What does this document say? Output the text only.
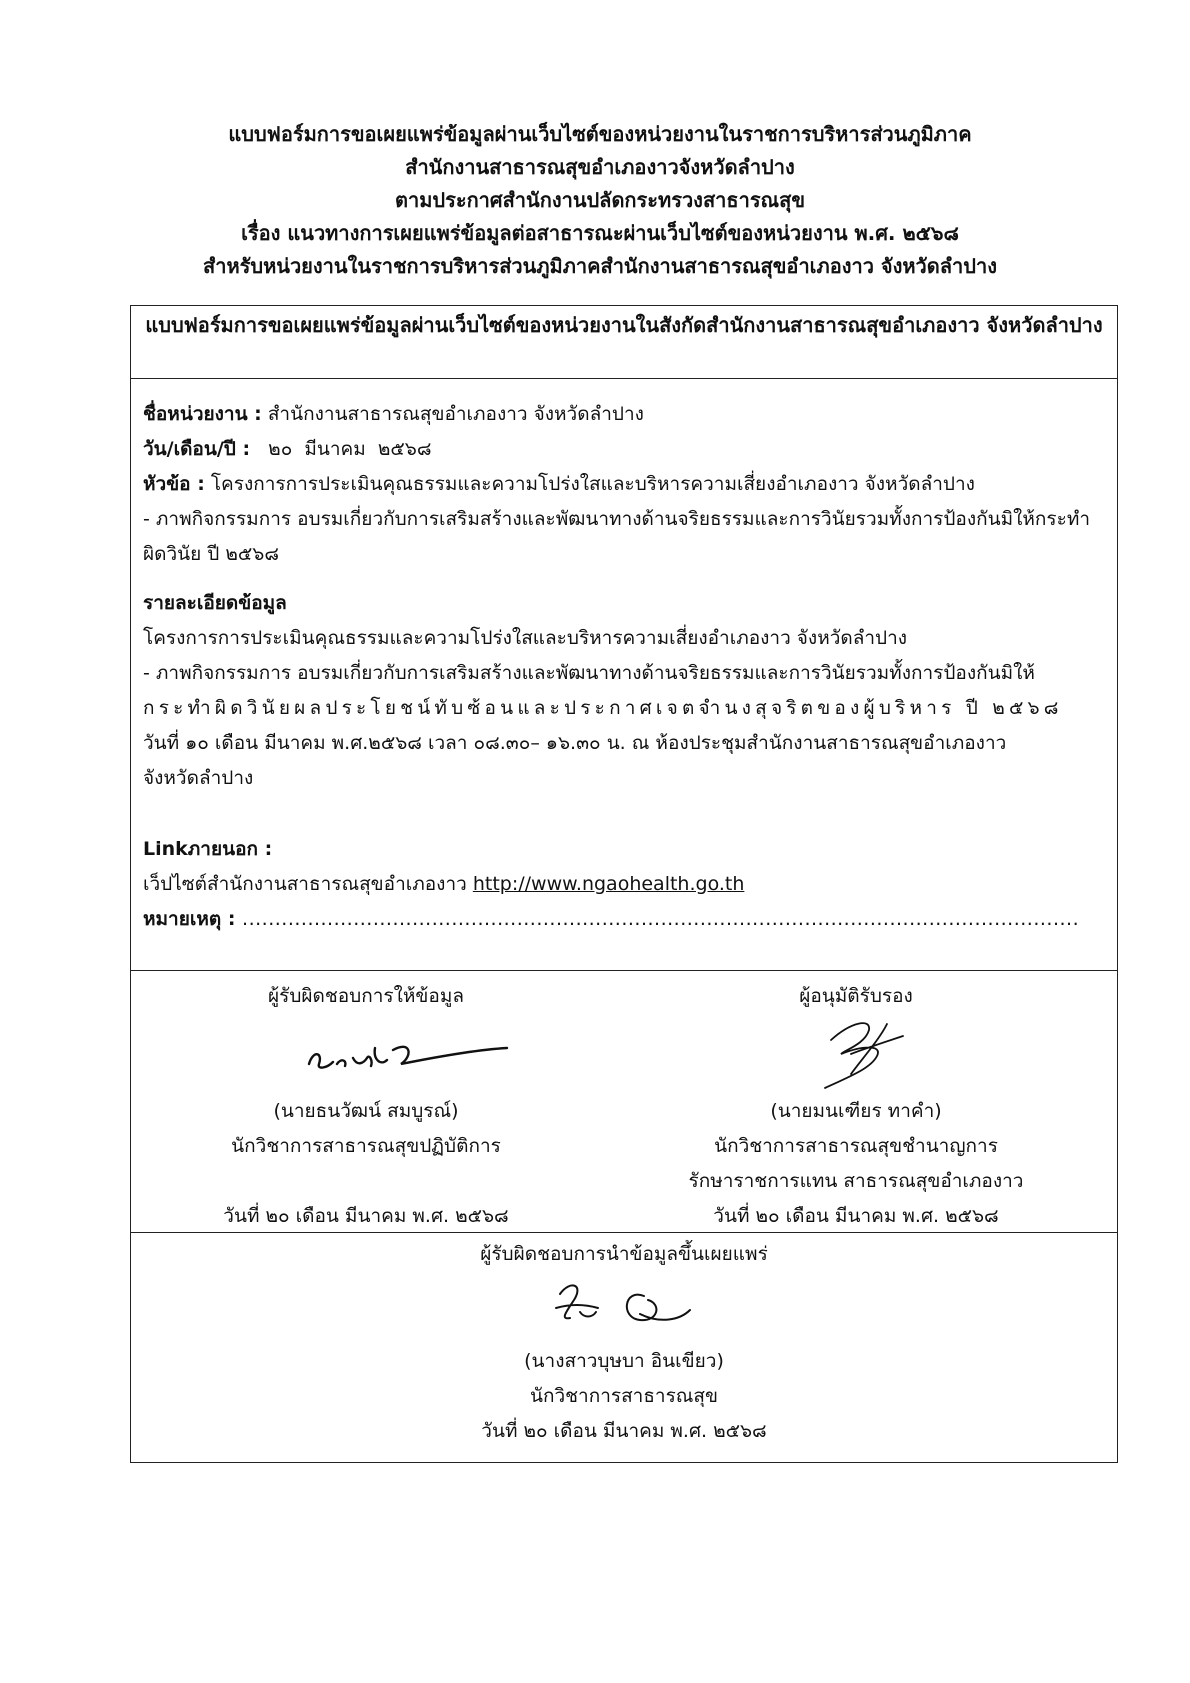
แบบฟอร์มการขอเผยแพร่ข้อมูลผ่านเว็บไซต์ของหน่วยงานในราชการบริหารส่วนภูมิภาค
สำนักงานสาธารณสุขอำเภองาวจังหวัดลำปาง
ตามประกาศสำนักงานปลัดกระทรวงสาธารณสุข
เรื่อง แนวทางการเผยแพร่ข้อมูลต่อสาธารณะผ่านเว็บไซต์ของหน่วยงาน พ.ศ. ๒๕๖๘
สำหรับหน่วยงานในราชการบริหารส่วนภูมิภาคสำนักงานสาธารณสุขอำเภองาว จังหวัดลำปาง
แบบฟอร์มการขอเผยแพร่ข้อมูลผ่านเว็บไซต์ของหน่วยงานในสังกัดสำนักงานสาธารณสุขอำเภองาว จังหวัดลำปาง
ชื่อหน่วยงาน : สำนักงานสาธารณสุขอำเภองาว จังหวัดลำปาง
วัน/เดือน/ปี :   ๒๐  มีนาคม  ๒๕๖๘
หัวข้อ : โครงการการประเมินคุณธรรมและความโปร่งใสและบริหารความเสี่ยงอำเภองาว จังหวัดลำปาง
- ภาพกิจกรรมการ อบรมเกี่ยวกับการเสริมสร้างและพัฒนาทางด้านจริยธรรมและการวินัยรวมทั้งการป้องกันมิให้กระทำผิดวินัย ปี ๒๕๖๘
รายละเอียดข้อมูล
โครงการการประเมินคุณธรรมและความโปร่งใสและบริหารความเสี่ยงอำเภองาว จังหวัดลำปาง
- ภาพกิจกรรมการ อบรมเกี่ยวกับการเสริมสร้างและพัฒนาทางด้านจริยธรรมและการวินัยรวมทั้งการป้องกันมิให้
กระทำผิดวินัยผลประโยชน์ทับซ้อนและประกาศเจตจำนงสุจริตของผู้บริหาร ปี ๒๕๖๘
วันที่ ๑๐ เดือน มีนาคม พ.ศ.๒๕๖๘ เวลา ๐๘.๓๐– ๑๖.๓๐ น. ณ ห้องประชุมสำนักงานสาธารณสุขอำเภองาว
จังหวัดลำปาง
Linkภายนอก :
เว็ปไซต์สำนักงานสาธารณสุขอำเภองาว http://www.ngaohealth.go.th
หมายเหตุ : ................................................................................................................................
ผู้รับผิดชอบการให้ข้อมูล
(นายธนวัฒน์ สมบูรณ์)
นักวิชาการสาธารณสุขปฏิบัติการ
วันที่ ๒๐ เดือน มีนาคม พ.ศ. ๒๕๖๘
ผู้อนุมัติรับรอง
(นายมนเฑียร ทาคำ)
นักวิชาการสาธารณสุขชำนาญการ
รักษาราชการแทน สาธารณสุขอำเภองาว
วันที่ ๒๐ เดือน มีนาคม พ.ศ. ๒๕๖๘
ผู้รับผิดชอบการนำข้อมูลขึ้นเผยแพร่
(นางสาวบุษบา อินเขียว)
นักวิชาการสาธารณสุข
วันที่ ๒๐ เดือน มีนาคม พ.ศ. ๒๕๖๘
